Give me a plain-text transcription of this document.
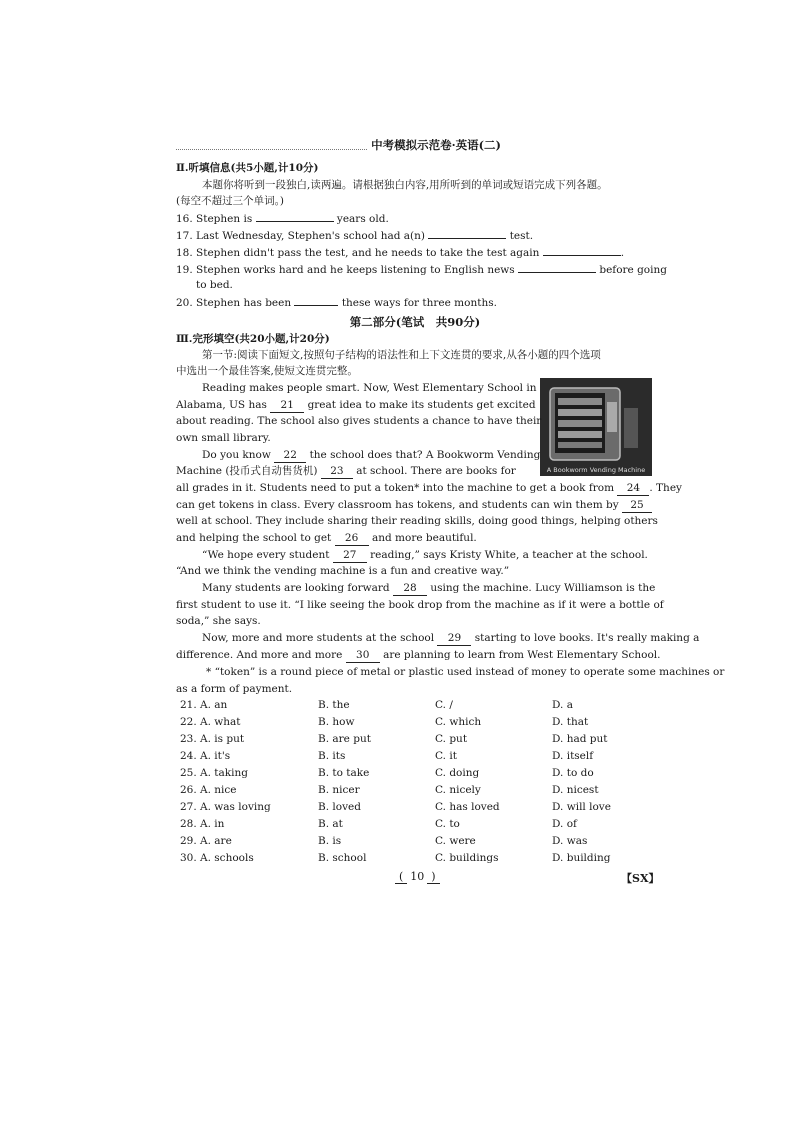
中考模拟示范卷·英语(二)
Ⅱ.听填信息(共5小题,计10分)
本题你将听到一段独白,读两遍。请根据独白内容,用所听到的单词或短语完成下列各题。
(每空不超过三个单词。)
16. Stephen is	years old.
17. Last Wednesday, Stephen's school had a(n)	test.
18. Stephen didn't pass the test, and he needs to take the test again	.
19. Stephen works hard and he keeps listening to English news	before going
to bed.
20. Stephen has been	these ways for three months.
第二部分(笔试　共90分)
Ⅲ.完形填空(共20小题,计20分)
第一节:阅读下面短文,按照句子结构的语法性和上下文连贯的要求,从各小题的四个选项
中选出一个最佳答案,使短文连贯完整。
A Bookworm Vending Machine
Reading makes people smart. Now, West Elementary School in
Alabama, US has 21 great idea to make its students get excited
about reading. The school also gives students a chance to have their
own small library.
Do you know 22 the school does that? A Bookworm Vending
Machine (投币式自动售货机) 23 at school. There are books for
all grades in it. Students need to put a token* into the machine to get a book from 24 . They
can get tokens in class. Every classroom has tokens, and students can win them by 25
well at school. They include sharing their reading skills, doing good things, helping others
and helping the school to get 26 and more beautiful.
“We hope every student 27 reading,” says Kristy White, a teacher at the school.
“And we think the vending machine is a fun and creative way.”
Many students are looking forward 28 using the machine. Lucy Williamson is the
first student to use it. “I like seeing the book drop from the machine as if it were a bottle of
soda,” she says.
Now, more and more students at the school 29 starting to love books. It's really making a
difference. And more and more 30 are planning to learn from West Elementary School.
* “token” is a round piece of metal or plastic used instead of money to operate some machines or
as a form of payment.
21. A. an	B. the	C. /	D. a
22. A. what	B. how	C. which	D. that
23. A. is put	B. are put	C. put	D. had put
24. A. it's	B. its	C. it	D. itself
25. A. taking	B. to take	C. doing	D. to do
26. A. nice	B. nicer	C. nicely	D. nicest
27. A. was loving	B. loved	C. has loved	D. will love
28. A. in	B. at	C. to	D. of
29. A. are	B. is	C. were	D. was
30. A. schools	B. school	C. buildings	D. building
( 10 )	【SX】
